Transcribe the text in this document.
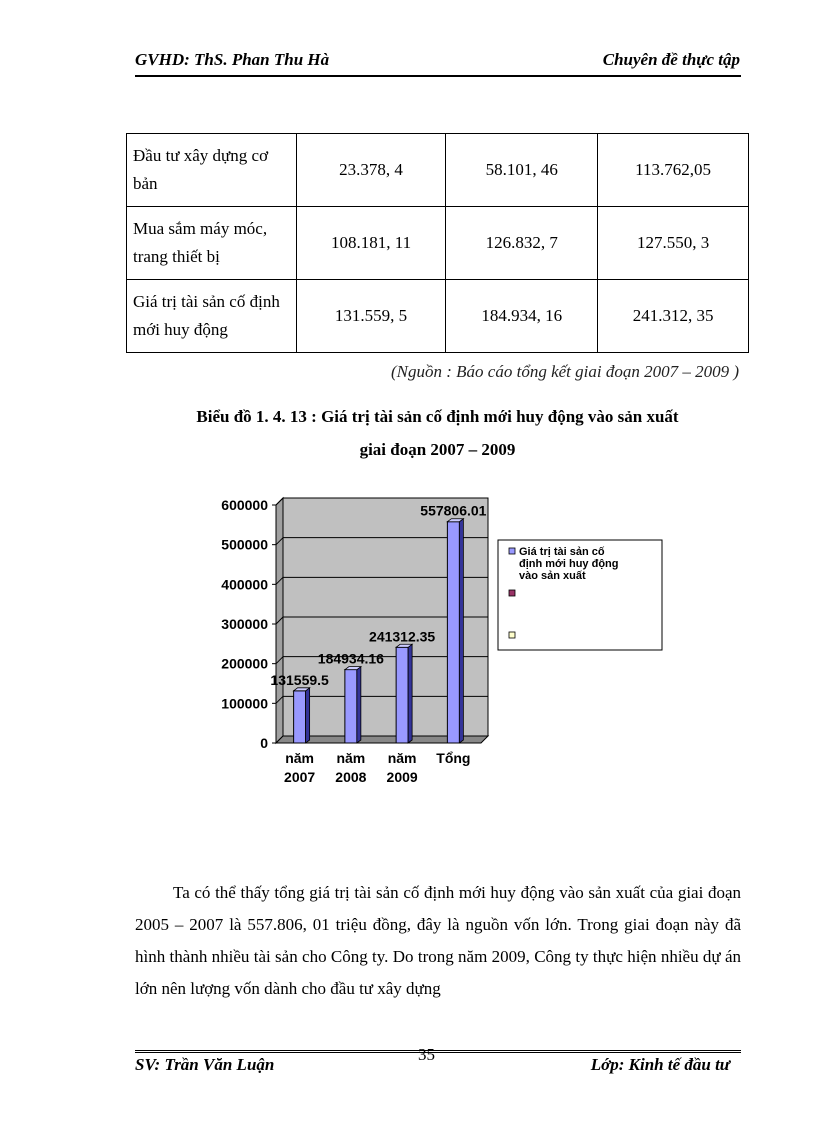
GVHD: ThS. Phan Thu Hà	Chuyên đề thực tập
Đầu tư xây dựng cơ bản	23.378, 4	58.101, 46	113.762,05
Mua sắm máy móc, trang thiết bị	108.181, 11	126.832, 7	127.550, 3
Giá trị tài sản cố định mới huy động	131.559, 5	184.934, 16	241.312, 35
(Nguồn : Báo cáo tổng kết giai đoạn 2007 – 2009 )
Biểu đồ 1. 4. 13 : Giá trị tài sản cố định mới huy động vào sản xuất
giai đoạn 2007 – 2009
0
100000
200000
300000
400000
500000
600000
131559.5
năm
2007
184934.16
năm
2008
241312.35
năm
2009
557806.01
Tổng
Giá trị tài sản cố
định mới huy động
vào sản xuất

Ta có thể thấy tổng giá trị tài sản cố định mới huy động vào sản xuất của giai đoạn 2005 – 2007 là 557.806, 01 triệu đồng, đây là nguồn vốn lớn. Trong giai đoạn này đã hình thành nhiều tài sản cho Công ty. Do trong năm 2009, Công ty thực hiện nhiều dự án lớn nên lượng vốn dành cho đầu tư xây dựng

SV: Trần Văn Luận
35
Lớp: Kinh tế đầu tư
